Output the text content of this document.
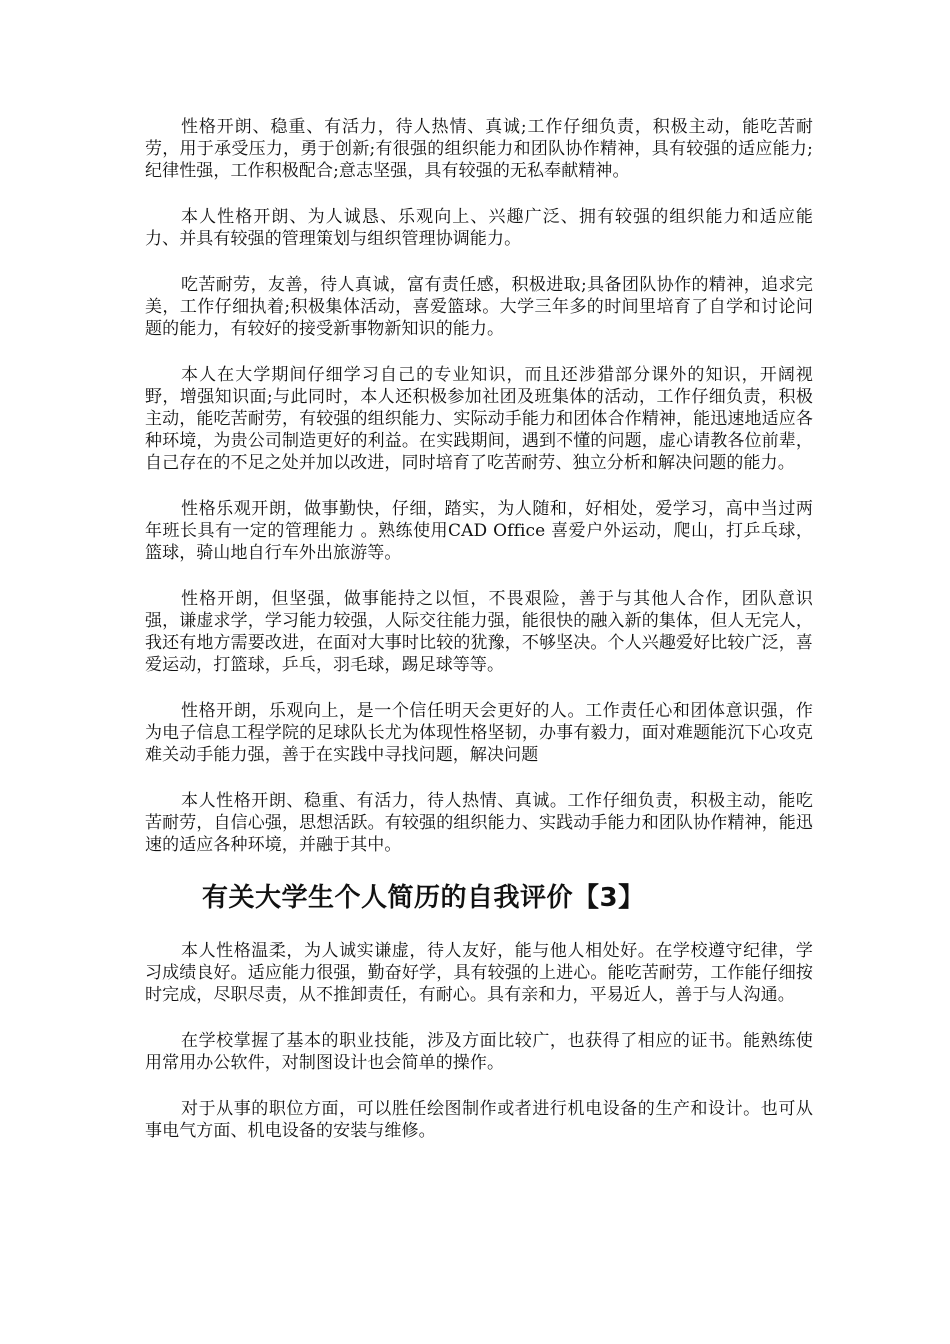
性格开朗、稳重、有活力，待人热情、真诚;工作仔细负责，积极主动，能吃苦耐劳，用于承受压力，勇于创新;有很强的组织能力和团队协作精神，具有较强的适应能力;纪律性强，工作积极配合;意志坚强，具有较强的无私奉献精神。

本人性格开朗、为人诚恳、乐观向上、兴趣广泛、拥有较强的组织能力和适应能力、并具有较强的管理策划与组织管理协调能力。

吃苦耐劳，友善，待人真诚，富有责任感，积极进取;具备团队协作的精神，追求完美，工作仔细执着;积极集体活动，喜爱篮球。大学三年多的时间里培育了自学和讨论问题的能力，有较好的接受新事物新知识的能力。

本人在大学期间仔细学习自己的专业知识，而且还涉猎部分课外的知识，开阔视野，增强知识面;与此同时，本人还积极参加社团及班集体的活动，工作仔细负责，积极主动，能吃苦耐劳，有较强的组织能力、实际动手能力和团体合作精神，能迅速地适应各种环境，为贵公司制造更好的利益。在实践期间，遇到不懂的问题，虚心请教各位前辈，自己存在的不足之处并加以改进，同时培育了吃苦耐劳、独立分析和解决问题的能力。

性格乐观开朗，做事勤快，仔细，踏实，为人随和，好相处，爱学习，高中当过两年班长具有一定的管理能力 。熟练使用CAD Office 喜爱户外运动，爬山，打乒乓球，篮球，骑山地自行车外出旅游等。

性格开朗，但坚强，做事能持之以恒，不畏艰险，善于与其他人合作，团队意识强，谦虚求学，学习能力较强，人际交往能力强，能很快的融入新的集体，但人无完人，我还有地方需要改进，在面对大事时比较的犹豫，不够坚决。个人兴趣爱好比较广泛，喜爱运动，打篮球，乒乓，羽毛球，踢足球等等。

性格开朗，乐观向上，是一个信任明天会更好的人。工作责任心和团体意识强，作为电子信息工程学院的足球队长尤为体现性格坚韧，办事有毅力，面对难题能沉下心攻克难关动手能力强，善于在实践中寻找问题，解决问题

本人性格开朗、稳重、有活力，待人热情、真诚。工作仔细负责，积极主动，能吃苦耐劳，自信心强，思想活跃。有较强的组织能力、实践动手能力和团队协作精神，能迅速的适应各种环境，并融于其中。

有关大学生个人简历的自我评价【3】

本人性格温柔，为人诚实谦虚，待人友好，能与他人相处好。在学校遵守纪律，学习成绩良好。适应能力很强，勤奋好学，具有较强的上进心。能吃苦耐劳，工作能仔细按时完成，尽职尽责，从不推卸责任，有耐心。具有亲和力，平易近人，善于与人沟通。

在学校掌握了基本的职业技能，涉及方面比较广，也获得了相应的证书。能熟练使用常用办公软件，对制图设计也会简单的操作。

对于从事的职位方面，可以胜任绘图制作或者进行机电设备的生产和设计。也可从事电气方面、机电设备的安装与维修。
